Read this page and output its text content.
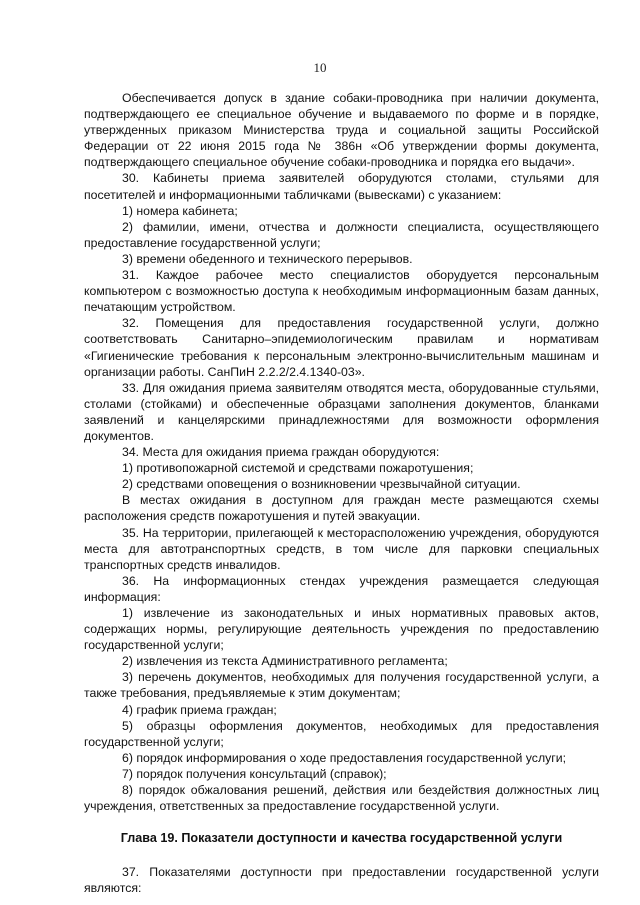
10

Обеспечивается допуск в здание собаки-проводника при наличии документа, подтверждающего ее специальное обучение и выдаваемого по форме и в порядке, утвержденных приказом Министерства труда и социальной защиты Российской Федерации от 22 июня 2015 года № 386н «Об утверждении формы документа, подтверждающего специальное обучение собаки-проводника и порядка его выдачи».

30. Кабинеты приема заявителей оборудуются столами, стульями для посетителей и информационными табличками (вывесками) с указанием:

1) номера кабинета;

2) фамилии, имени, отчества и должности специалиста, осуществляющего предоставление государственной услуги;

3) времени обеденного и технического перерывов.

31. Каждое рабочее место специалистов оборудуется персональным компьютером с возможностью доступа к необходимым информационным базам данных, печатающим устройством.

32. Помещения для предоставления государственной услуги, должно соответствовать Санитарно–эпидемиологическим правилам и нормативам «Гигиенические требования к персональным электронно-вычислительным машинам и организации работы. СанПиН 2.2.2/2.4.1340-03».

33. Для ожидания приема заявителям отводятся места, оборудованные стульями, столами (стойками) и обеспеченные образцами заполнения документов, бланками заявлений и канцелярскими принадлежностями для возможности оформления документов.

34. Места для ожидания приема граждан оборудуются:

1) противопожарной системой и средствами пожаротушения;

2) средствами оповещения о возникновении чрезвычайной ситуации.

В местах ожидания в доступном для граждан месте размещаются схемы расположения средств пожаротушения и путей эвакуации.

35. На территории, прилегающей к месторасположению учреждения, оборудуются места для автотранспортных средств, в том числе для парковки специальных транспортных средств инвалидов.

36. На информационных стендах учреждения размещается следующая информация:

1) извлечение из законодательных и иных нормативных правовых актов, содержащих нормы, регулирующие деятельность учреждения по предоставлению государственной услуги;

2) извлечения из текста Административного регламента;

3) перечень документов, необходимых для получения государственной услуги, а также требования, предъявляемые к этим документам;

4) график приема граждан;

5) образцы оформления документов, необходимых для предоставления государственной услуги;

6) порядок информирования о ходе предоставления государственной услуги;

7) порядок получения консультаций (справок);

8) порядок обжалования решений, действия или бездействия должностных лиц учреждения, ответственных за предоставление государственной услуги.

Глава 19. Показатели доступности и качества государственной услуги

37. Показателями доступности при предоставлении государственной услуги являются:
